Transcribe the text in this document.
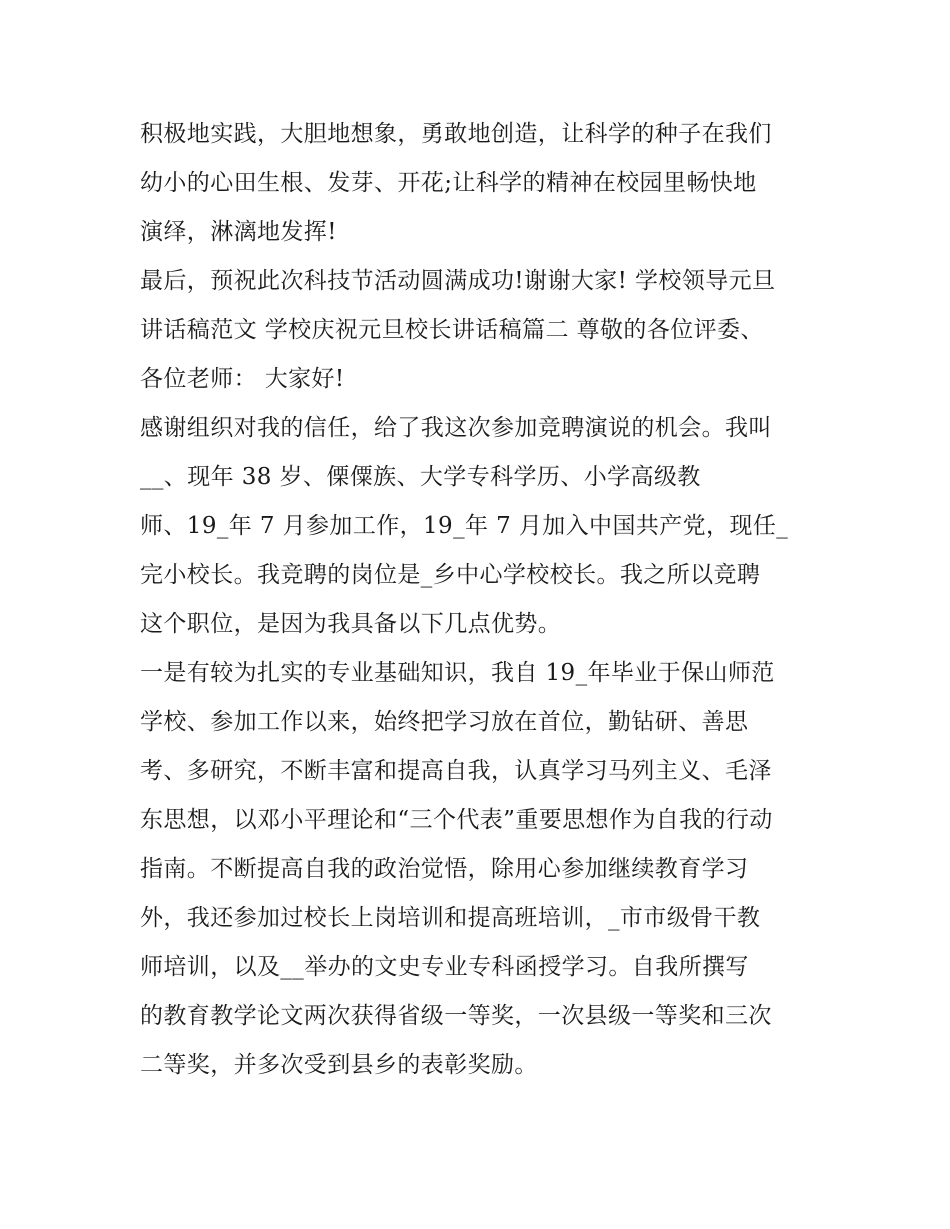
积极地实践，大胆地想象，勇敢地创造，让科学的种子在我们
幼小的心田生根、发芽、开花;让科学的精神在校园里畅快地
演绎，淋漓地发挥!
最后，预祝此次科技节活动圆满成功!谢谢大家! 学校领导元旦
讲话稿范文 学校庆祝元旦校长讲话稿篇二 尊敬的各位评委、
各位老师： 大家好!
感谢组织对我的信任，给了我这次参加竞聘演说的机会。我叫
__、现年 38 岁、傈僳族、大学专科学历、小学高级教
师、19_年 7 月参加工作，19_年 7 月加入中国共产党，现任_
完小校长。我竞聘的岗位是_乡中心学校校长。我之所以竞聘
这个职位，是因为我具备以下几点优势。
一是有较为扎实的专业基础知识，我自 19_年毕业于保山师范
学校、参加工作以来，始终把学习放在首位，勤钻研、善思
考、多研究，不断丰富和提高自我，认真学习马列主义、毛泽
东思想，以邓小平理论和“三个代表”重要思想作为自我的行动
指南。不断提高自我的政治觉悟，除用心参加继续教育学习
外，我还参加过校长上岗培训和提高班培训，_市市级骨干教
师培训，以及__举办的文史专业专科函授学习。自我所撰写
的教育教学论文两次获得省级一等奖，一次县级一等奖和三次
二等奖，并多次受到县乡的表彰奖励。
